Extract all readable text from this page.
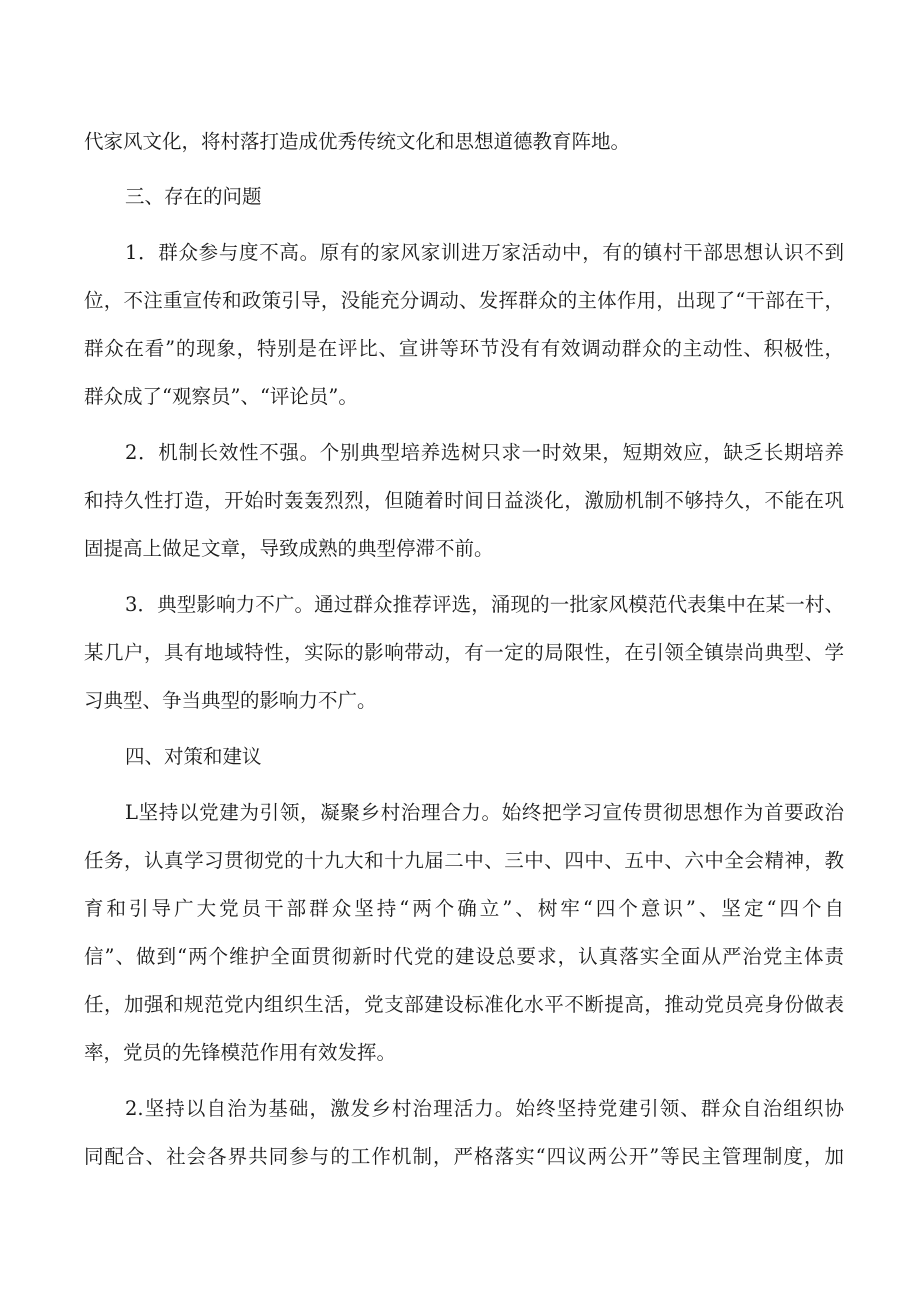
代家风文化，将村落打造成优秀传统文化和思想道德教育阵地。
三、存在的问题
1．群众参与度不高。原有的家风家训进万家活动中，有的镇村干部思想认识不到
位，不注重宣传和政策引导，没能充分调动、发挥群众的主体作用，出现了“干部在干，
群众在看”的现象，特别是在评比、宣讲等环节没有有效调动群众的主动性、积极性，
群众成了“观察员”、“评论员”。
2．机制长效性不强。个别典型培养选树只求一时效果，短期效应，缺乏长期培养
和持久性打造，开始时轰轰烈烈，但随着时间日益淡化，激励机制不够持久，不能在巩
固提高上做足文章，导致成熟的典型停滞不前。
3．典型影响力不广。通过群众推荐评选，涌现的一批家风模范代表集中在某一村、
某几户，具有地域特性，实际的影响带动，有一定的局限性，在引领全镇崇尚典型、学
习典型、争当典型的影响力不广。
四、对策和建议
L坚持以党建为引领，凝聚乡村治理合力。始终把学习宣传贯彻思想作为首要政治
任务，认真学习贯彻党的十九大和十九届二中、三中、四中、五中、六中全会精神，教
育和引导广大党员干部群众坚持“两个确立”、树牢“四个意识”、坚定“四个自
信”、做到“两个维护全面贯彻新时代党的建设总要求，认真落实全面从严治党主体责
任，加强和规范党内组织生活，党支部建设标准化水平不断提高，推动党员亮身份做表
率，党员的先锋模范作用有效发挥。
2.坚持以自治为基础，激发乡村治理活力。始终坚持党建引领、群众自治组织协
同配合、社会各界共同参与的工作机制，严格落实“四议两公开”等民主管理制度，加
